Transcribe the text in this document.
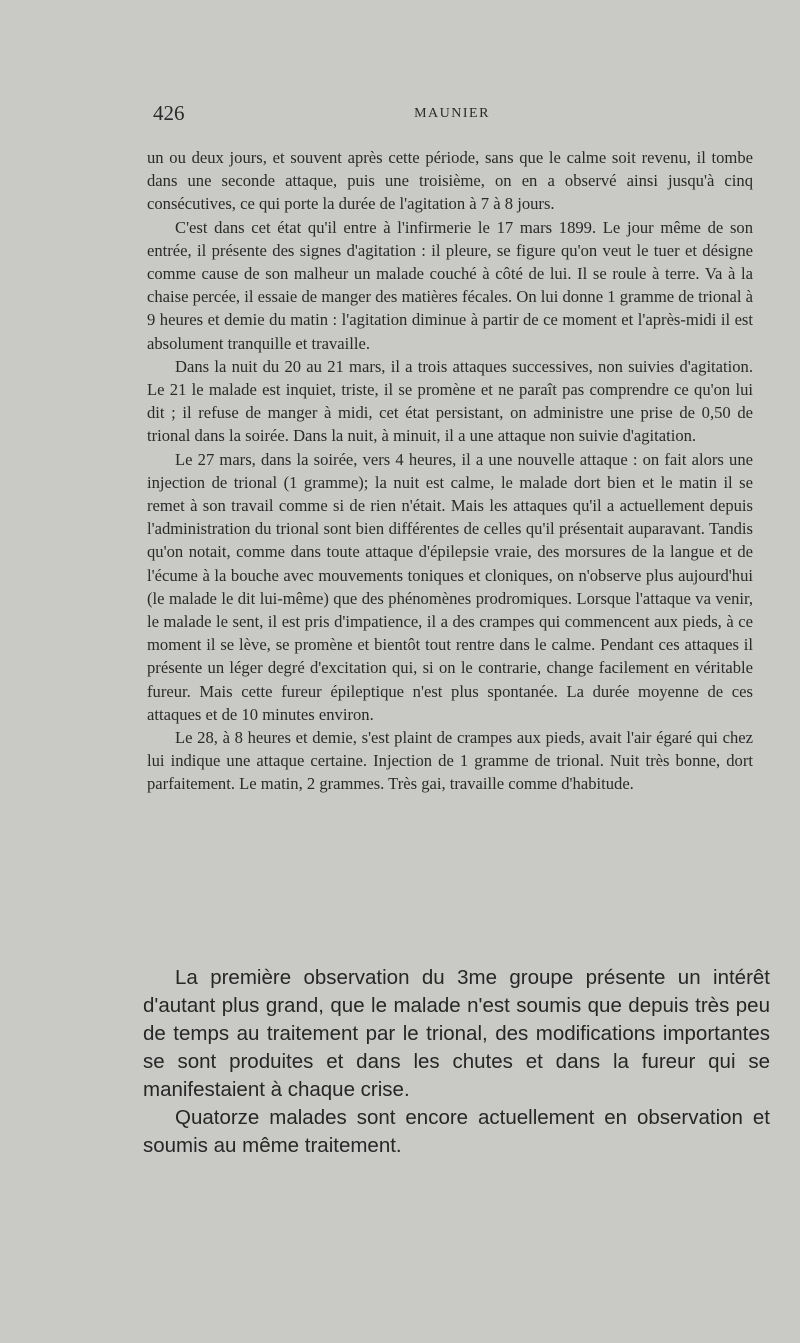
426	MAUNIER

un ou deux jours, et souvent après cette période, sans que le calme soit revenu, il tombe dans une seconde attaque, puis une troisième, on en a observé ainsi jusqu'à cinq consécutives, ce qui porte la durée de l'agitation à 7 à 8 jours.

C'est dans cet état qu'il entre à l'infirmerie le 17 mars 1899. Le jour même de son entrée, il présente des signes d'agitation : il pleure, se figure qu'on veut le tuer et désigne comme cause de son malheur un malade couché à côté de lui. Il se roule à terre. Va à la chaise percée, il essaie de manger des matières fécales. On lui donne 1 gramme de trional à 9 heures et demie du matin : l'agitation diminue à partir de ce moment et l'après-midi il est absolument tranquille et travaille.

Dans la nuit du 20 au 21 mars, il a trois attaques successives, non suivies d'agitation. Le 21 le malade est inquiet, triste, il se promène et ne paraît pas comprendre ce qu'on lui dit ; il refuse de manger à midi, cet état persistant, on administre une prise de 0,50 de trional dans la soirée. Dans la nuit, à minuit, il a une attaque non suivie d'agitation.

Le 27 mars, dans la soirée, vers 4 heures, il a une nouvelle attaque : on fait alors une injection de trional (1 gramme); la nuit est calme, le malade dort bien et le matin il se remet à son travail comme si de rien n'était. Mais les attaques qu'il a actuellement depuis l'administration du trional sont bien différentes de celles qu'il présentait auparavant. Tandis qu'on notait, comme dans toute attaque d'épilepsie vraie, des morsures de la langue et de l'écume à la bouche avec mouvements toniques et cloniques, on n'observe plus aujourd'hui (le malade le dit lui-même) que des phénomènes prodromiques. Lorsque l'attaque va venir, le malade le sent, il est pris d'impatience, il a des crampes qui commencent aux pieds, à ce moment il se lève, se promène et bientôt tout rentre dans le calme. Pendant ces attaques il présente un léger degré d'excitation qui, si on le contrarie, change facilement en véritable fureur. Mais cette fureur épileptique n'est plus spontanée. La durée moyenne de ces attaques et de 10 minutes environ.

Le 28, à 8 heures et demie, s'est plaint de crampes aux pieds, avait l'air égaré qui chez lui indique une attaque certaine. Injection de 1 gramme de trional. Nuit très bonne, dort parfaitement. Le matin, 2 grammes. Très gai, travaille comme d'habitude.

La première observation du 3me groupe présente un intérêt d'autant plus grand, que le malade n'est soumis que depuis très peu de temps au traitement par le trional, des modifications importantes se sont produites et dans les chutes et dans la fureur qui se manifestaient à chaque crise.

Quatorze malades sont encore actuellement en observation et soumis au même traitement.
